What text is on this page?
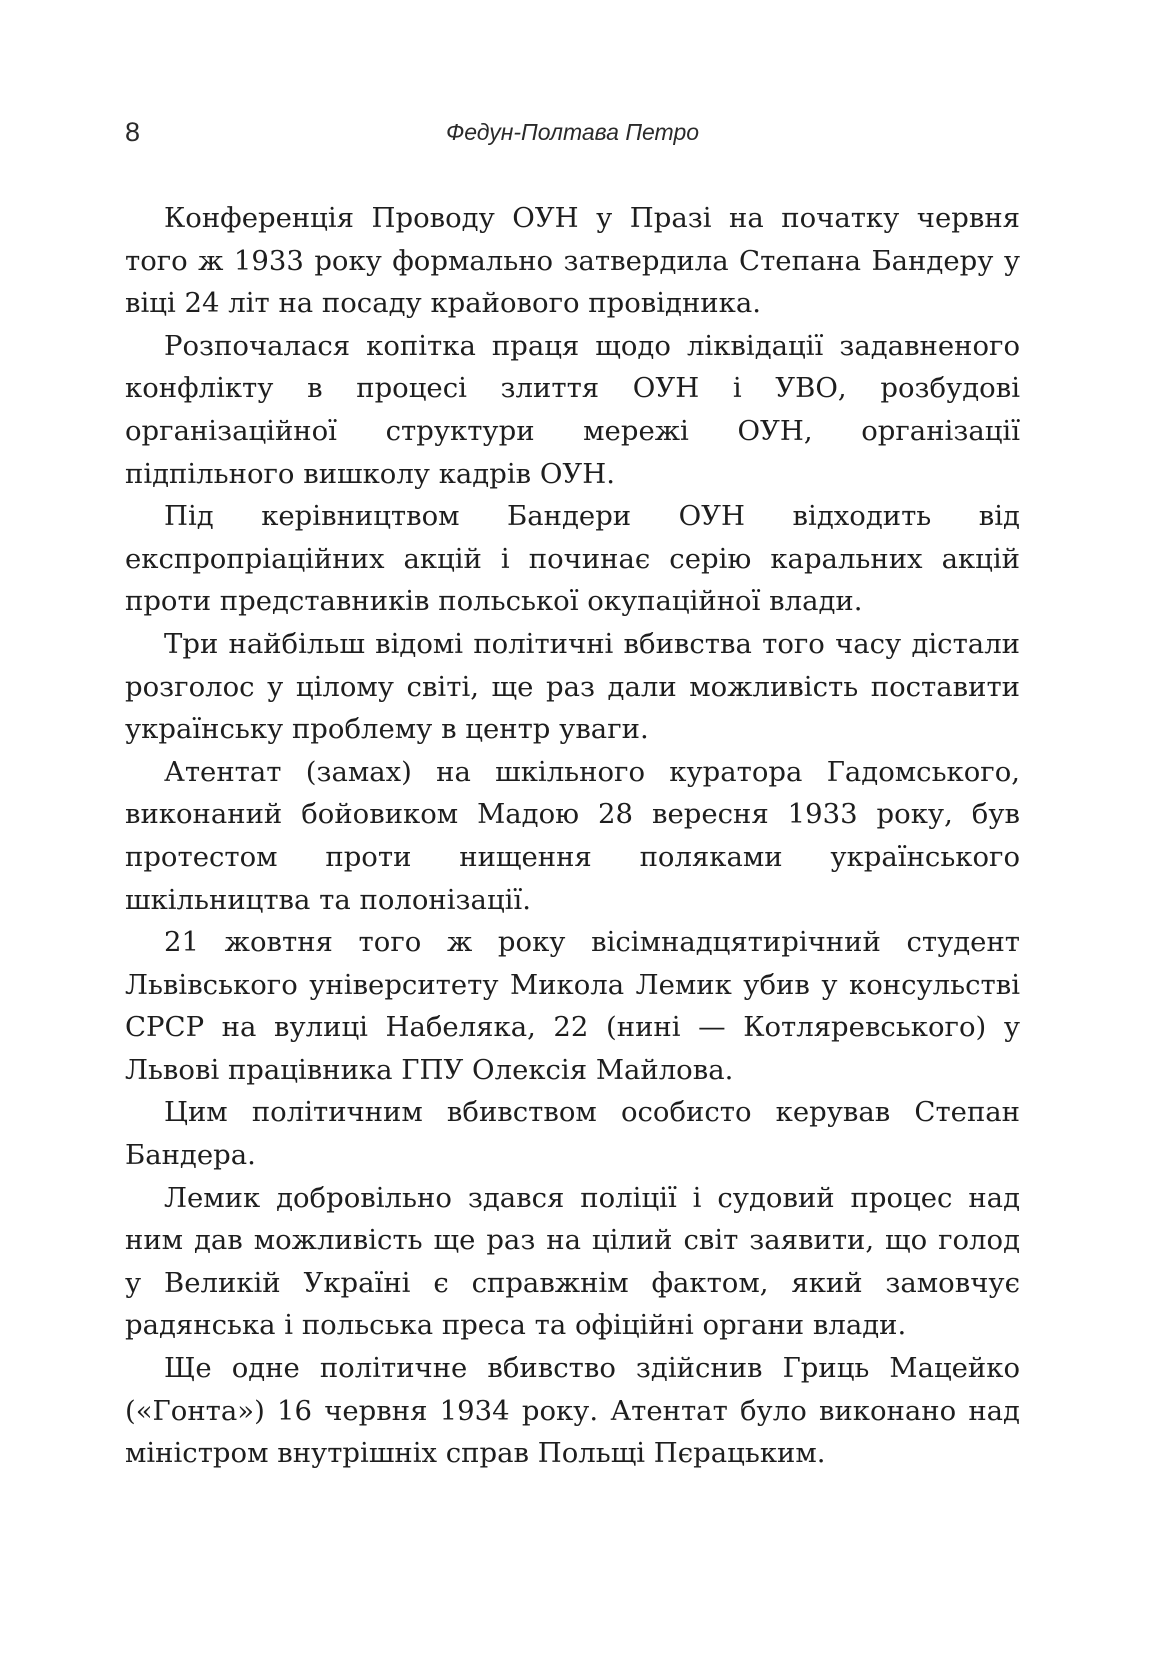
8	Федун-Полтава Петро

Конференція Проводу ОУН у Празі на початку червня того ж 1933 року формально затвердила Степана Бандеру у віці 24 літ на посаду крайового провідника.

Розпочалася копітка праця щодо ліквідації задавненого конфлікту в процесі злиття ОУН і УВО, розбудові організаційної структури мережі ОУН, організації підпільного вишколу кадрів ОУН.

Під керівництвом Бандери ОУН відходить від експропріаційних акцій і починає серію каральних акцій проти представників польської окупаційної влади.

Три найбільш відомі політичні вбивства того часу дістали розголос у цілому світі, ще раз дали можливість поставити українську проблему в центр уваги.

Атентат (замах) на шкільного куратора Гадомського, виконаний бойовиком Мадою 28 вересня 1933 року, був протестом проти нищення поляками українського шкільництва та полонізації.

21 жовтня того ж року вісімнадцятирічний студент Львівського університету Микола Лемик убив у консульстві СРСР на вулиці Набеляка, 22 (нині — Котляревського) у Львові працівника ГПУ Олексія Майлова.

Цим політичним вбивством особисто керував Степан Бандера.

Лемик добровільно здався поліції і судовий процес над ним дав можливість ще раз на цілий світ заявити, що голод у Великій Україні є справжнім фактом, який замовчує радянська і польська преса та офіційні органи влади.

Ще одне політичне вбивство здійснив Гриць Мацейко («Гонта») 16 червня 1934 року. Атентат було виконано над міністром внутрішніх справ Польщі Пєрацьким.
